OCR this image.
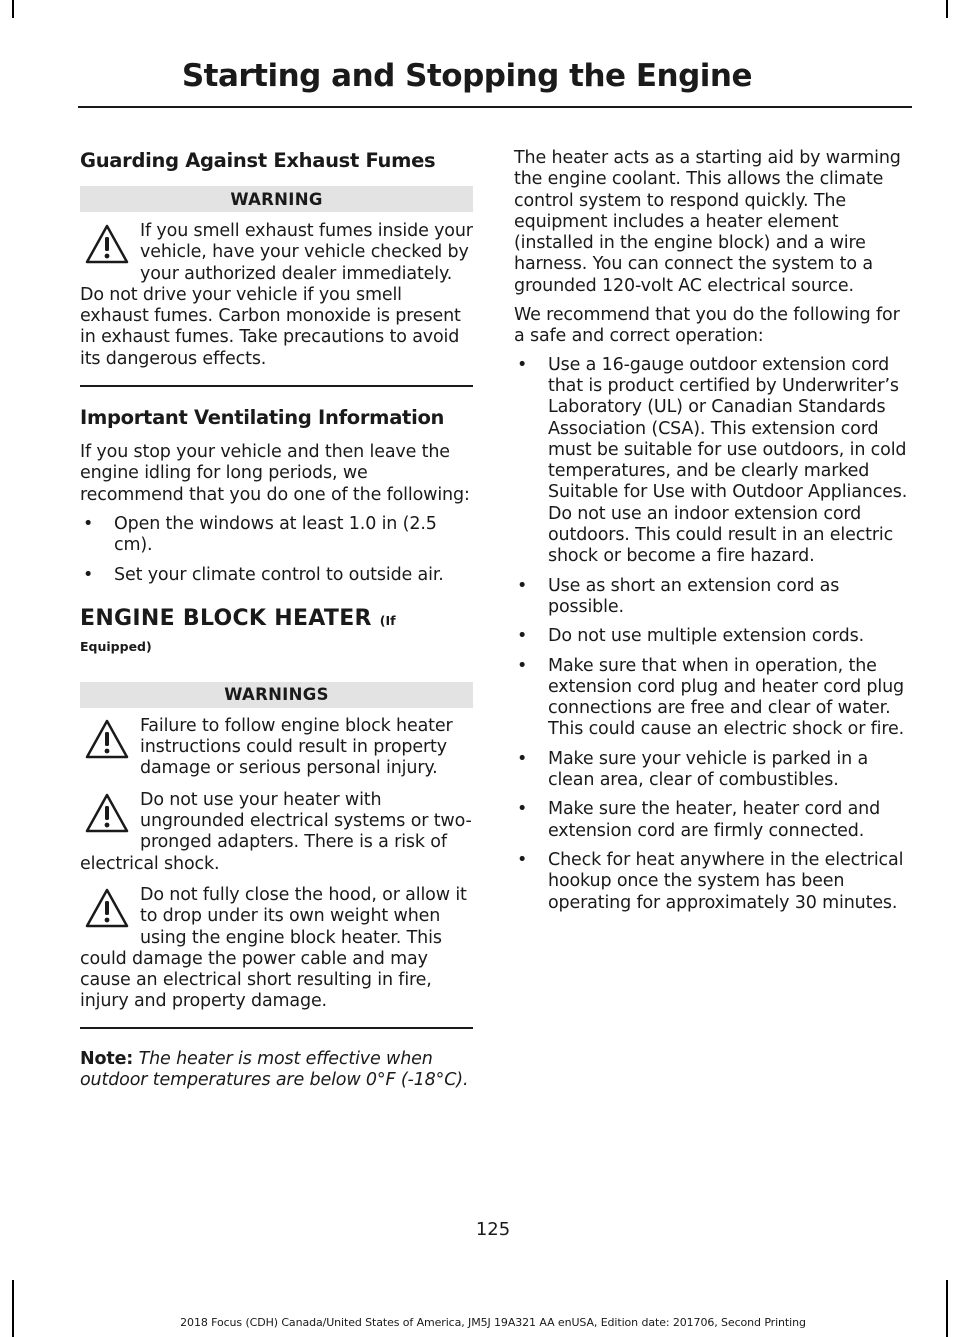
Starting and Stopping the Engine
Guarding Against Exhaust Fumes
WARNING

If you smell exhaust fumes inside your vehicle, have your vehicle checked by your authorized dealer immediately. Do not drive your vehicle if you smell exhaust fumes. Carbon monoxide is present in exhaust fumes. Take precautions to avoid its dangerous effects.

Important Ventilating Information

If you stop your vehicle and then leave the engine idling for long periods, we recommend that you do one of the following:

• Open the windows at least 1.0 in (2.5 cm).
• Set your climate control to outside air.
ENGINE BLOCK HEATER (If
Equipped)
WARNINGS

Failure to follow engine block heater instructions could result in property damage or serious personal injury.

Do not use your heater with ungrounded electrical systems or two-pronged adapters. There is a risk of electrical shock.

Do not fully close the hood, or allow it to drop under its own weight when using the engine block heater. This could damage the power cable and may cause an electrical short resulting in fire, injury and property damage.

Note: The heater is most effective when outdoor temperatures are below 0°F (-18°C).

The heater acts as a starting aid by warming the engine coolant. This allows the climate control system to respond quickly. The equipment includes a heater element (installed in the engine block) and a wire harness. You can connect the system to a grounded 120-volt AC electrical source.

We recommend that you do the following for a safe and correct operation:

• Use a 16-gauge outdoor extension cord that is product certified by Underwriter’s Laboratory (UL) or Canadian Standards Association (CSA). This extension cord must be suitable for use outdoors, in cold temperatures, and be clearly marked Suitable for Use with Outdoor Appliances. Do not use an indoor extension cord outdoors. This could result in an electric shock or become a fire hazard.
• Use as short an extension cord as possible.
• Do not use multiple extension cords.
• Make sure that when in operation, the extension cord plug and heater cord plug connections are free and clear of water. This could cause an electric shock or fire.
• Make sure your vehicle is parked in a clean area, clear of combustibles.
• Make sure the heater, heater cord and extension cord are firmly connected.
• Check for heat anywhere in the electrical hookup once the system has been operating for approximately 30 minutes.
125
2018 Focus (CDH) Canada/United States of America, JM5J 19A321 AA enUSA, Edition date: 201706, Second Printing
